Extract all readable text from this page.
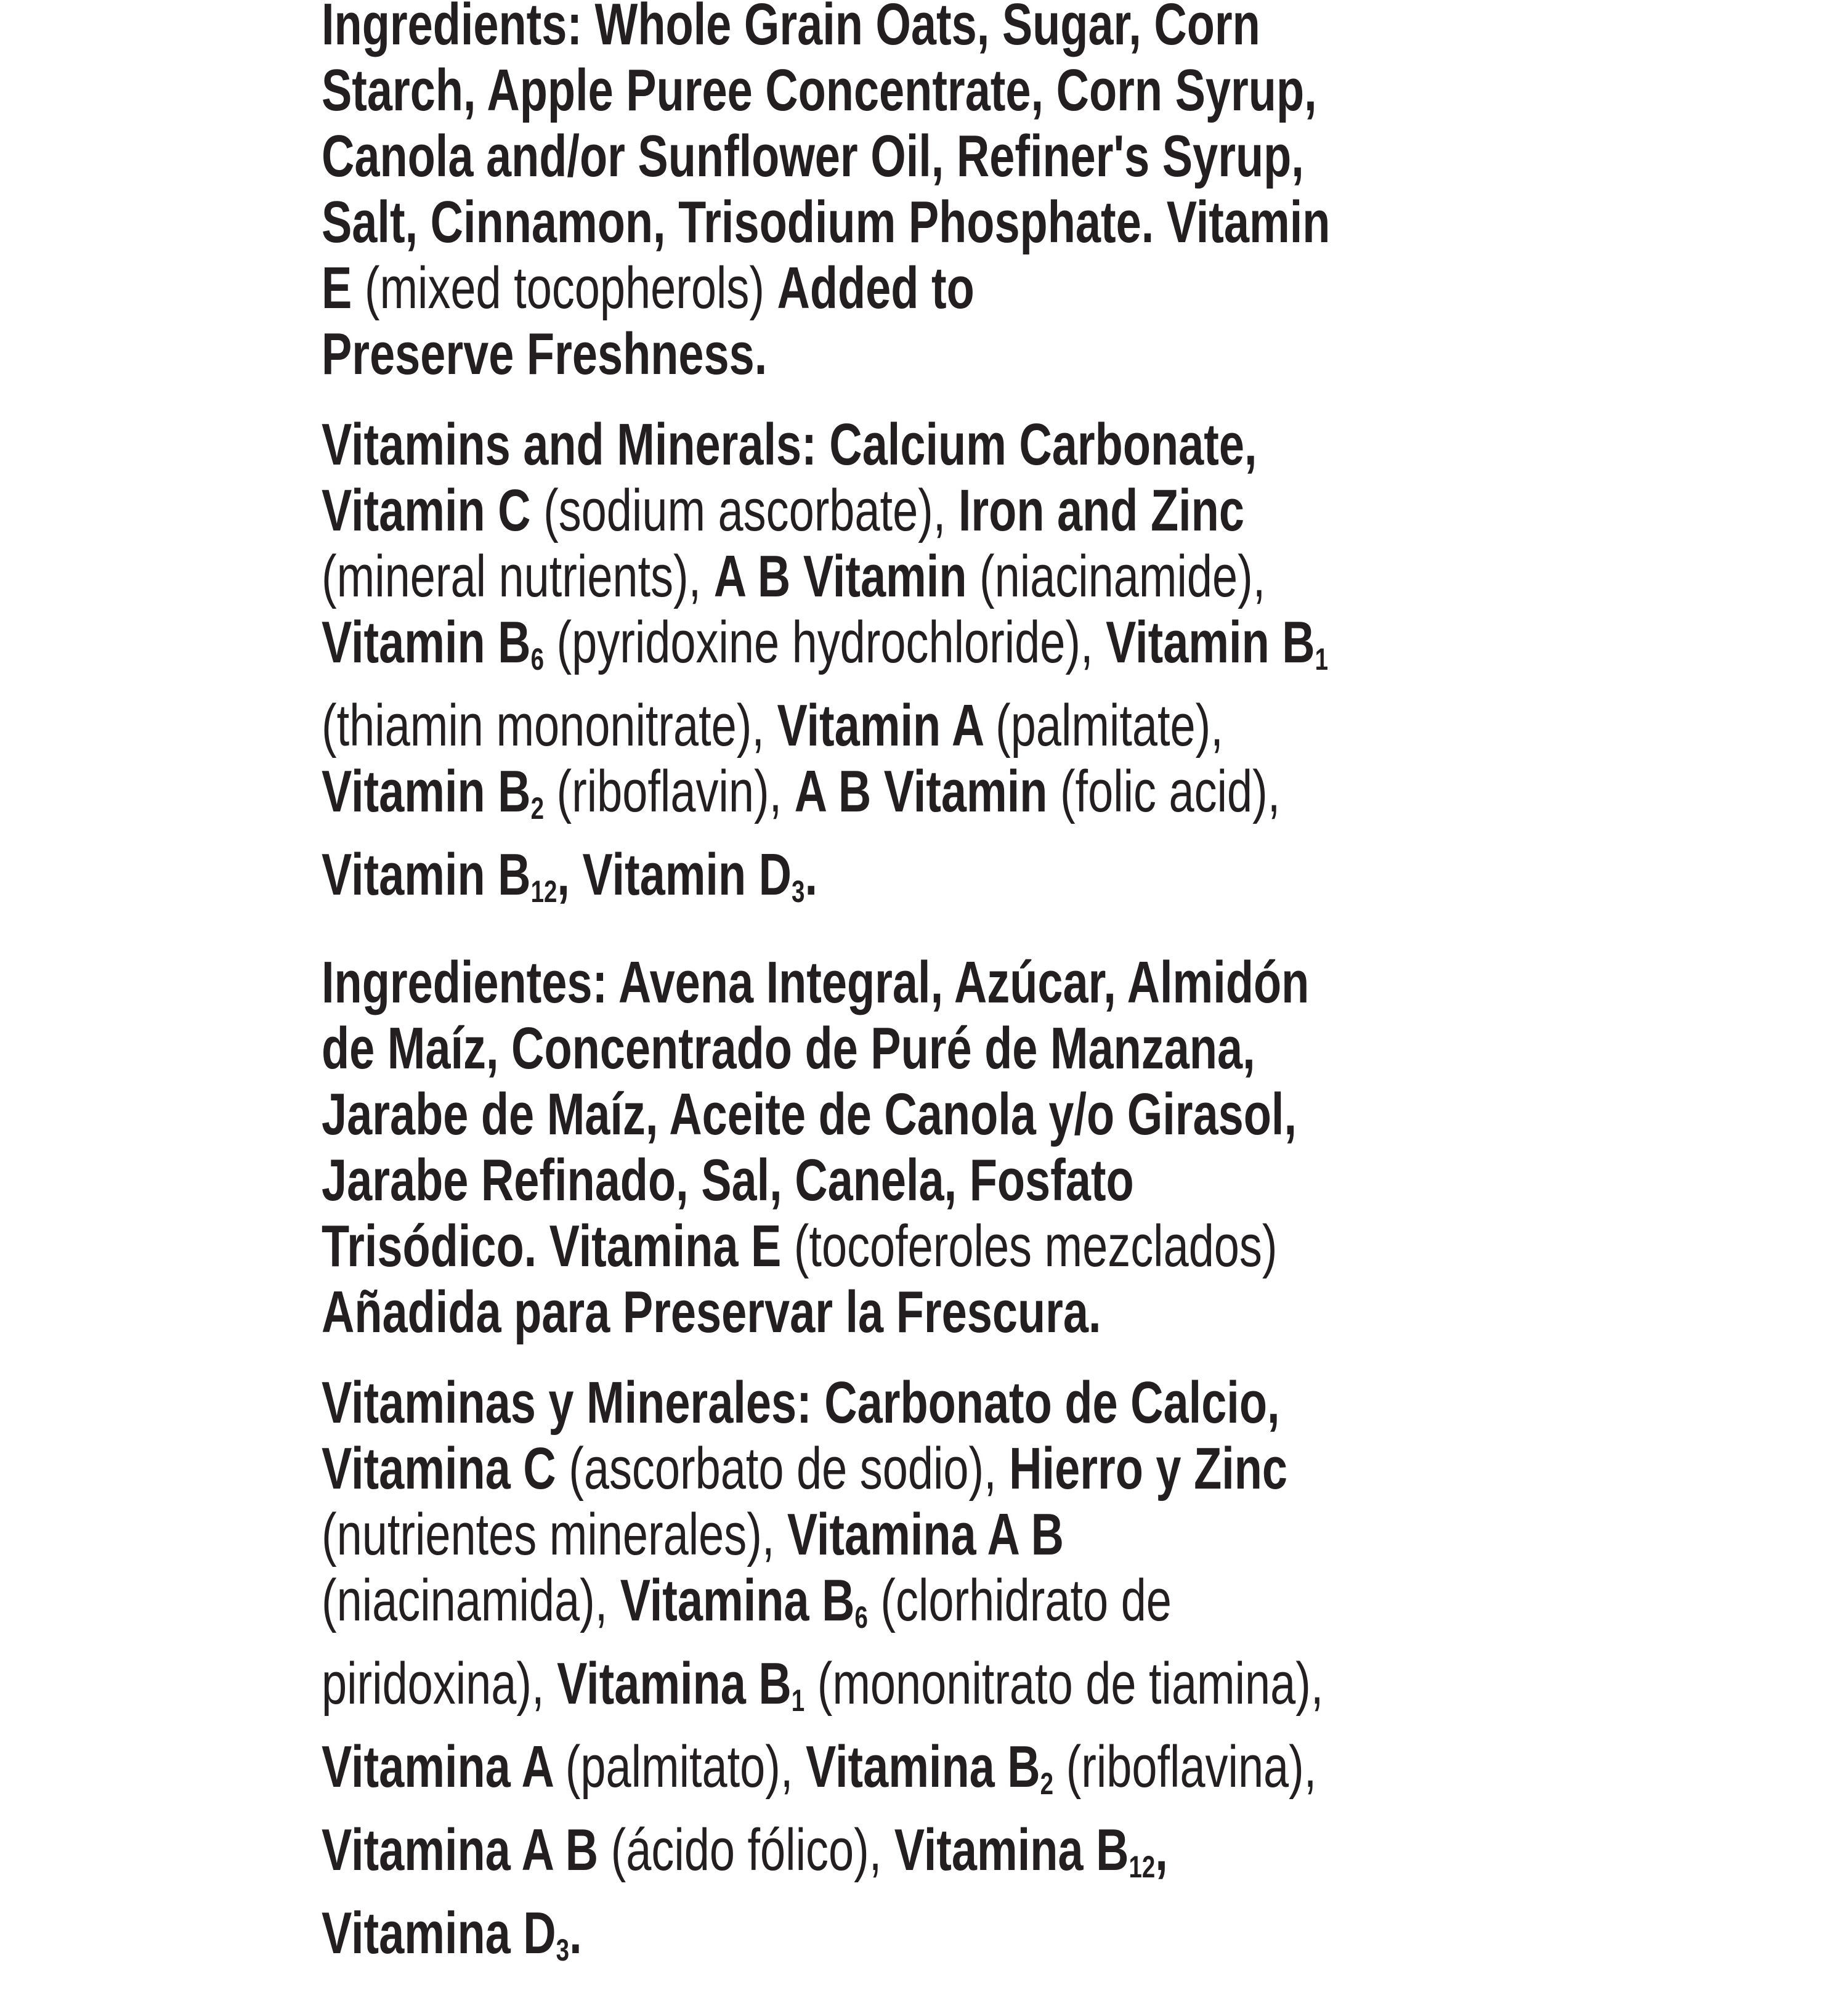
Ingredients: Whole Grain Oats, Sugar, Corn
Starch, Apple Puree Concentrate, Corn Syrup,
Canola and/or Sunflower Oil, Refiner's Syrup,
Salt, Cinnamon, Trisodium Phosphate. Vitamin
E (mixed tocopherols) Added to
Preserve Freshness.
Vitamins and Minerals: Calcium Carbonate,
Vitamin C (sodium ascorbate), Iron and Zinc
(mineral nutrients), A B Vitamin (niacinamide),
Vitamin $B_6$ (pyridoxine hydrochloride), Vitamin $B_1$
(thiamin mononitrate), Vitamin A (palmitate),
Vitamin $B_2$ (riboflavin), A B Vitamin (folic acid),
Vitamin $B_{12}$, Vitamin $D_3$.
Ingredientes: Avena Integral, Azúcar, Almidón
de Maíz, Concentrado de Puré de Manzana,
Jarabe de Maíz, Aceite de Canola y/o Girasol,
Jarabe Refinado, Sal, Canela, Fosfato
Trisódico. Vitamina E (tocoferoles mezclados)
Añadida para Preservar la Frescura.
Vitaminas y Minerales: Carbonato de Calcio,
Vitamina C (ascorbato de sodio), Hierro y Zinc
(nutrientes minerales), Vitamina A B
(niacinamida), Vitamina $B_6$ (clorhidrato de
piridoxina), Vitamina $B_1$ (mononitrato de tiamina),
Vitamina A (palmitato), Vitamina $B_2$ (riboflavina),
Vitamina A B (ácido fólico), Vitamina $B_{12}$,
Vitamina $D_3$.
